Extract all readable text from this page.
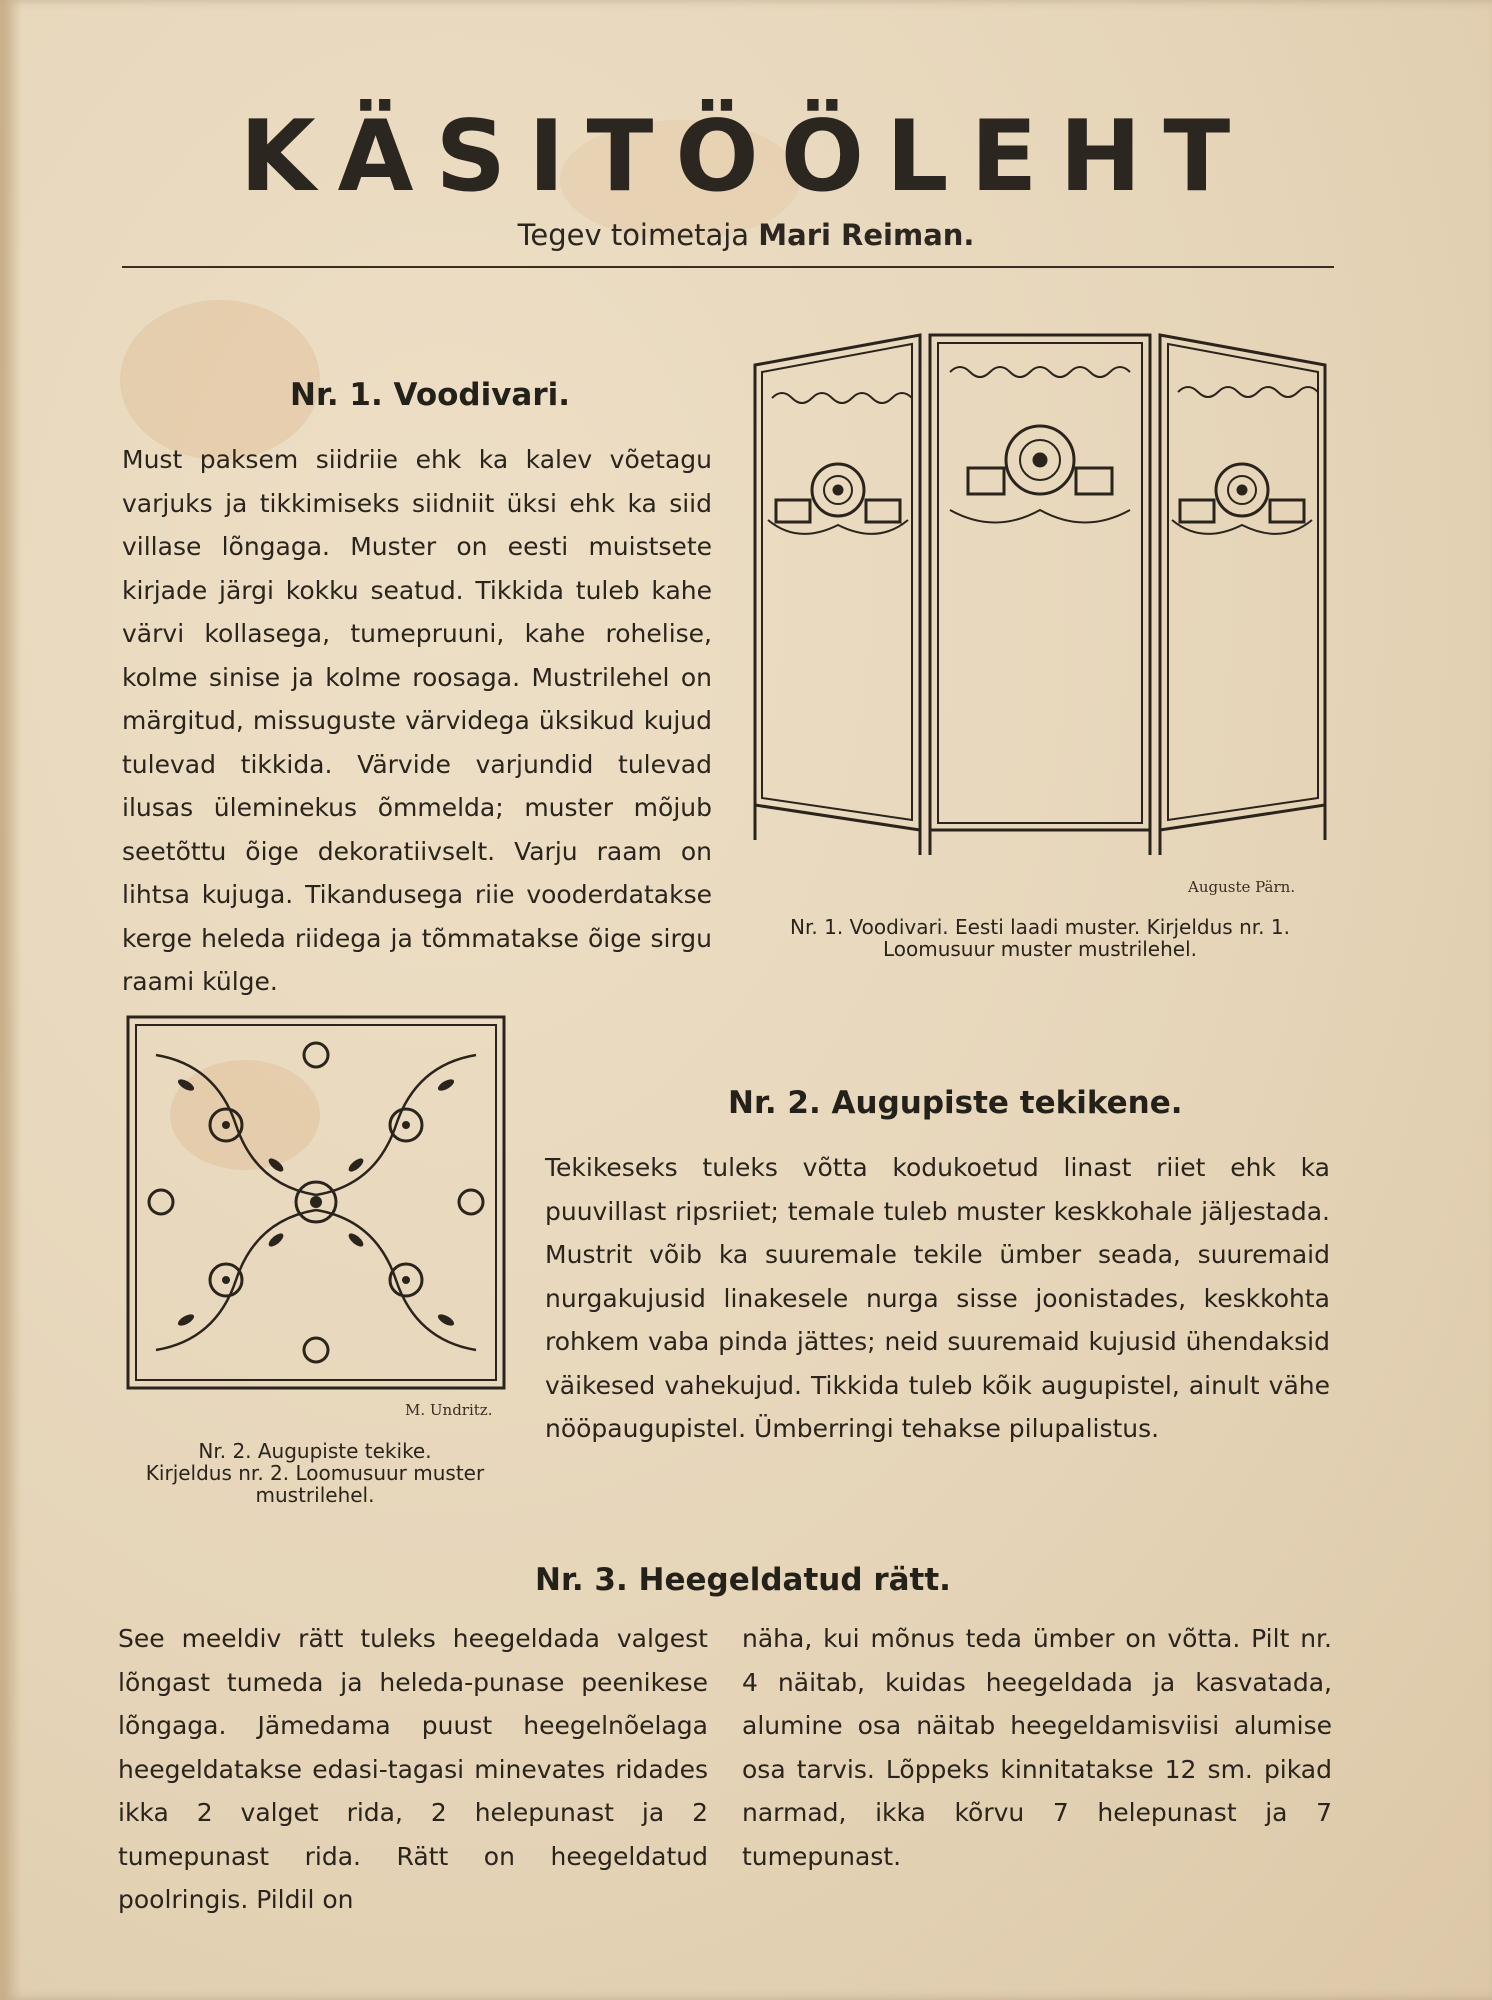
KÄSITÖÖLEHT
Tegev toimetaja Mari Reiman.
Nr. 1. Voodivari.

Must paksem siidriie ehk ka kalev võetagu varjuks ja tikkimiseks siidniit üksi ehk ka siid villase lõngaga. Muster on eesti muistsete kirjade järgi kokku seatud. Tikkida tuleb kahe värvi kollasega, tumepruuni, kahe rohelise, kolme sinise ja kolme roosaga. Mustrilehel on märgitud, missuguste värvidega üksikud kujud tulevad tikkida. Värvide varjundid tulevad ilusas üleminekus õmmelda; muster mõjub seetõttu õige dekoratiivselt. Varju raam on lihtsa kujuga. Tikandusega riie vooderdatakse kerge heleda riidega ja tõmmatakse õige sirgu raami külge.

Auguste Pärn.

Nr. 1. Voodivari. Eesti laadi muster. Kirjeldus nr. 1.
Loomusuur muster mustrilehel.

M. Undritz.

Nr. 2. Augupiste tekike.
Kirjeldus nr. 2. Loomusuur muster
mustrilehel.

Nr. 2. Augupiste tekikene.

Tekikeseks tuleks võtta kodukoetud linast riiet ehk ka puuvillast ripsriiet; temale tuleb muster keskkohale jäljestada. Mustrit võib ka suuremale tekile ümber seada, suuremaid nurgakujusid linakesele nurga sisse joonistades, keskkohta rohkem vaba pinda jättes; neid suuremaid kujusid ühendaksid väikesed vahekujud. Tikkida tuleb kõik augupistel, ainult vähe nööpaugupistel. Ümberringi tehakse pilupalistus.

Nr. 3. Heegeldatud rätt.

See meeldiv rätt tuleks heegeldada valgest lõngast tumeda ja heleda-punase peenikese lõngaga. Jämedama puust heegelnõelaga heegeldatakse edasi-tagasi minevates ridades ikka 2 valget rida, 2 helepunast ja 2 tumepunast rida. Rätt on heegeldatud poolringis. Pildil on

näha, kui mõnus teda ümber on võtta. Pilt nr. 4 näitab, kuidas heegeldada ja kasvatada, alumine osa näitab heegeldamisviisi alumise osa tarvis. Lõppeks kinnitatakse 12 sm. pikad narmad, ikka kõrvu 7 helepunast ja 7 tumepunast.
